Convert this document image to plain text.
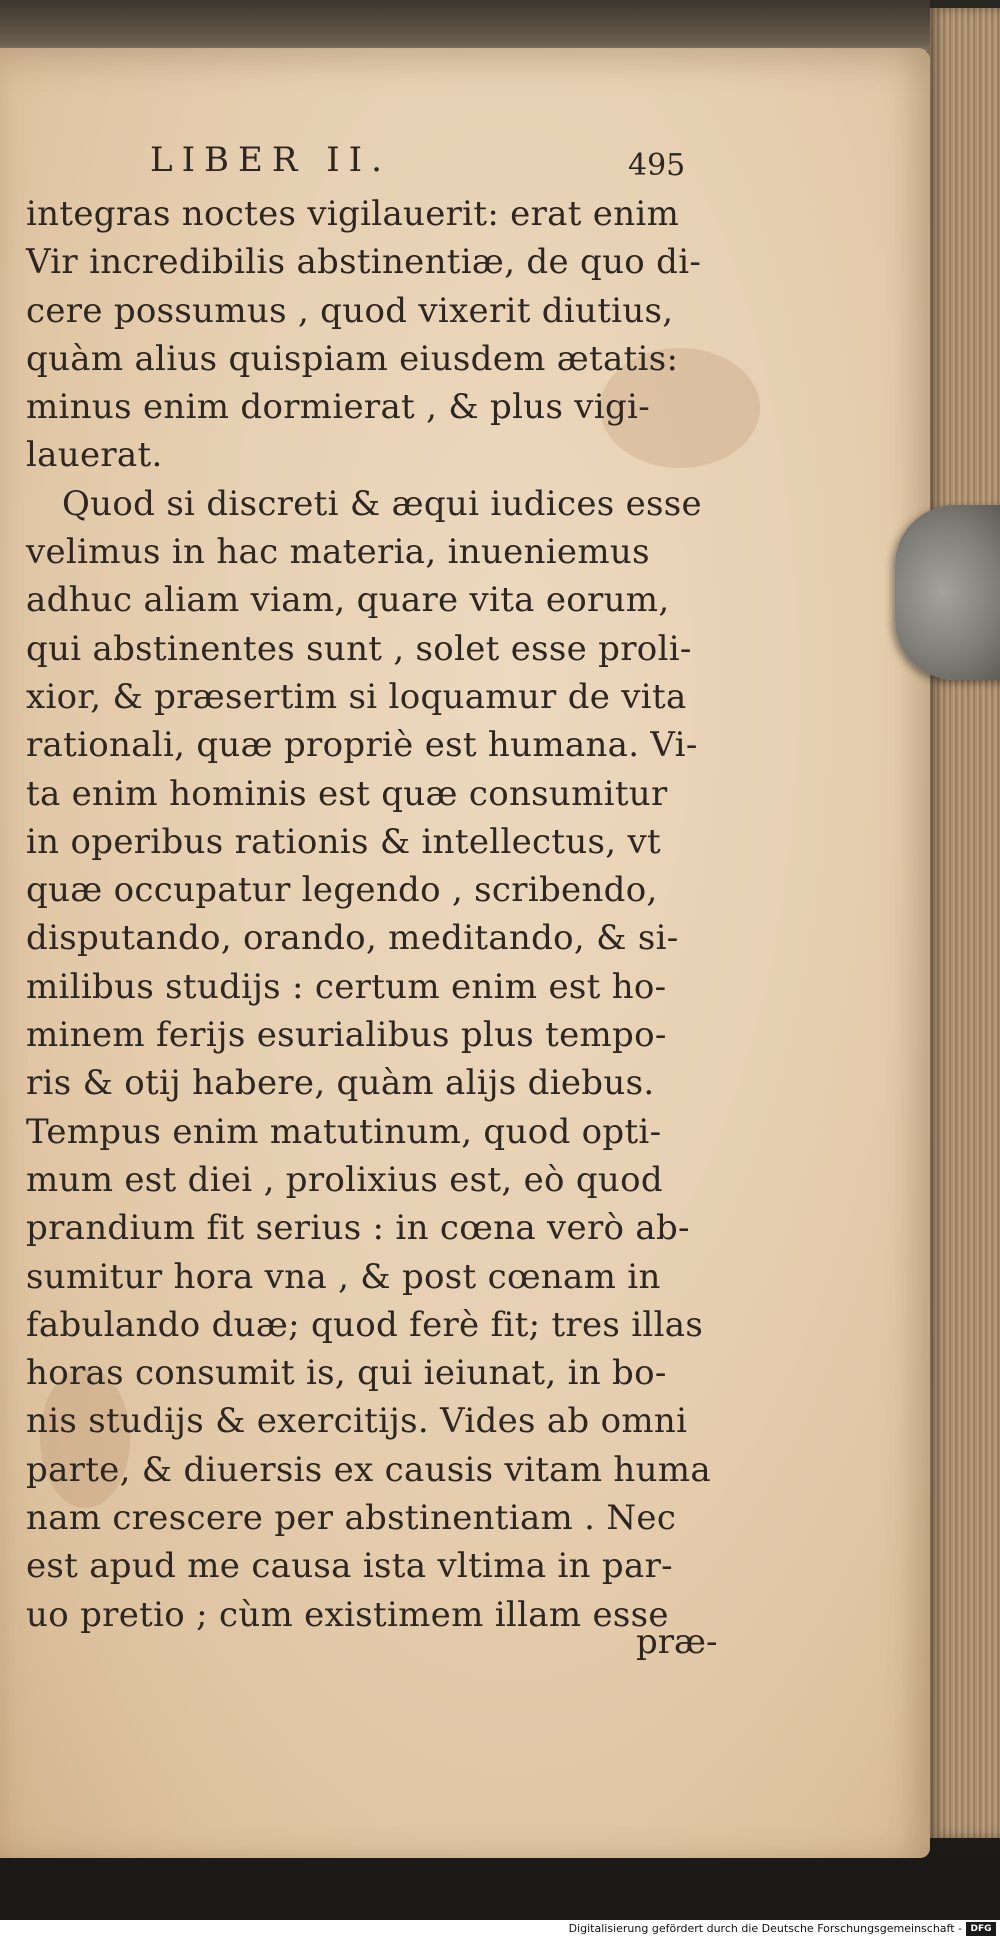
LIBER II.	495
integras noctes vigilauerit: erat enim
Vir incredibilis abstinentiæ, de quo di-
cere possumus , quod vixerit diutius,
quàm alius quispiam eiusdem ætatis:
minus enim dormierat , & plus vigi-
lauerat.
Quod si discreti & æqui iudices esse
velimus in hac materia, inueniemus
adhuc aliam viam, quare vita eorum,
qui abstinentes sunt , solet esse proli-
xior, & præsertim si loquamur de vita
rationali, quæ propriè est humana. Vi-
ta enim hominis est quæ consumitur
in operibus rationis & intellectus, vt
quæ occupatur legendo , scribendo,
disputando, orando, meditando, & si-
milibus studijs : certum enim est ho-
minem ferijs esurialibus plus tempo-
ris & otij habere, quàm alijs diebus.
Tempus enim matutinum, quod opti-
mum est diei , prolixius est, eò quod
prandium fit serius : in cœna verò ab-
sumitur hora vna , & post cœnam in
fabulando duæ; quod ferè fit; tres illas
horas consumit is, qui ieiunat, in bo-
nis studijs & exercitijs. Vides ab omni
parte, & diuersis ex causis vitam huma
nam crescere per abstinentiam . Nec
est apud me causa ista vltima in par-
uo pretio ; cùm existimem illam esse
præ-
Digitalisierung gefördert durch die Deutsche Forschungsgemeinschaft - DFG
